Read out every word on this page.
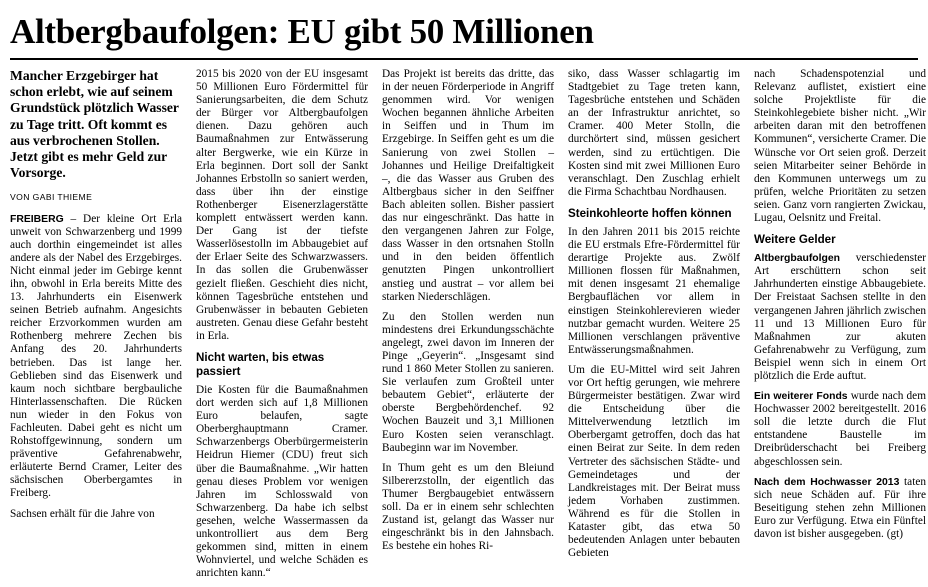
Altbergbaufolgen: EU gibt 50 Millionen

Mancher Erzgebirger hat schon erlebt, wie auf seinem Grundstück plötzlich Wasser zu Tage tritt. Oft kommt es aus verbrochenen Stollen. Jetzt gibt es mehr Geld zur Vorsorge.

VON GABI THIEME

FREIBERG – Der kleine Ort Erla unweit von Schwarzenberg und 1999 auch dorthin eingemeindet ist alles andere als der Nabel des Erzgebirges. Nicht einmal jeder im Gebirge kennt ihn, obwohl in Erla bereits Mitte des 13. Jahrhunderts ein Eisenwerk seinen Betrieb aufnahm. Angesichts reicher Erzvorkommen wurden am Rothenberg mehrere Zechen bis Anfang des 20. Jahrhunderts betrieben. Das ist lange her. Geblieben sind das Eisenwerk und kaum noch sichtbare bergbauliche Hinterlassenschaften. Die Rücken nun wieder in den Fokus von Fachleuten. Dabei geht es nicht um Rohstoffgewinnung, sondern um präventive Gefahrenabwehr, erläuterte Bernd Cramer, Leiter des sächsischen Oberbergamtes in Freiberg.

Sachsen erhält für die Jahre von

2015 bis 2020 von der EU insgesamt 50 Millionen Euro Fördermittel für Sanierungsarbeiten, die dem Schutz der Bürger vor Altbergbaufolgen dienen. Dazu gehören auch Baumaßnahmen zur Entwässerung alter Bergwerke, wie ein Kürze in Erla beginnen. Dort soll der Sankt Johannes Erbstolln so saniert werden, dass über ihn der einstige Rothenberger Eisenerzlagerstätte komplett entwässert werden kann. Der Gang ist der tiefste Wasserlösestolln im Abbaugebiet auf der Erlaer Seite des Schwarzwassers. In das sollen die Grubenwässer gezielt fließen. Geschieht dies nicht, können Tagesbrüche entstehen und Grubenwässer in bebauten Gebieten austreten. Genau diese Gefahr besteht in Erla.

Nicht warten, bis etwas passiert

Die Kosten für die Baumaßnahmen dort werden sich auf 1,8 Millionen Euro belaufen, sagte Oberberghauptmann Cramer. Schwarzenbergs Oberbürgermeisterin Heidrun Hiemer (CDU) freut sich über die Baumaßnahme. „Wir hatten genau dieses Problem vor wenigen Jahren im Schlosswald von Schwarzenberg. Da habe ich selbst gesehen, welche Wassermassen da unkontrolliert aus dem Berg gekommen sind, mitten in einem Wohnviertel, und welche Schäden es anrichten kann.“

Das Projekt ist bereits das dritte, das in der neuen Förderperiode in Angriff genommen wird. Vor wenigen Wochen begannen ähnliche Arbeiten in Seiffen und in Thum im Erzgebirge. In Seiffen geht es um die Sanierung von zwei Stollen – Johannes und Heilige Dreifaltigkeit –, die das Wasser aus Gruben des Altbergbaus sicher in den Seiffner Bach ableiten sollen. Bisher passiert das nur eingeschränkt. Das hatte in den vergangenen Jahren zur Folge, dass Wasser in den ortsnahen Stolln und in den beiden öffentlich genutzten Pingen unkontrolliert anstieg und austrat – vor allem bei starken Niederschlägen.

Zu den Stollen werden nun mindestens drei Erkundungsschächte angelegt, zwei davon im Inneren der Pinge „Geyerin“. „Insgesamt sind rund 1 860 Meter Stollen zu sanieren. Sie verlaufen zum Großteil unter bebautem Gebiet“, erläuterte der oberste Bergbehördenchef. 92 Wochen Bauzeit und 3,1 Millionen Euro Kosten seien veranschlagt. Baubeginn war im November.

In Thum geht es um den Bleiund Silbererzstolln, der eigentlich das Thumer Bergbaugebiet entwässern soll. Da er in einem sehr schlechten Zustand ist, gelangt das Wasser nur eingeschränkt bis in den Jahnsbach. Es bestehe ein hohes Ri-

siko, dass Wasser schlagartig im Stadtgebiet zu Tage treten kann, Tagesbrüche entstehen und Schäden an der Infrastruktur anrichtet, so Cramer. 400 Meter Stolln, die durchörtert sind, müssen gesichert werden, sind zu ertüchtigen. Die Kosten sind mit zwei Millionen Euro veranschlagt. Den Zuschlag erhielt die Firma Schachtbau Nordhausen.

Steinkohleorte hoffen können

In den Jahren 2011 bis 2015 reichte die EU erstmals Efre-Fördermittel für derartige Projekte aus. Zwölf Millionen flossen für Maßnahmen, mit denen insgesamt 21 ehemalige Bergbauflächen vor allem in einstigen Steinkohlerevieren wieder nutzbar gemacht wurden. Weitere 25 Millionen verschlangen präventive Entwässerungsmaßnahmen.

Um die EU-Mittel wird seit Jahren vor Ort heftig gerungen, wie mehrere Bürgermeister bestätigen. Zwar wird die Entscheidung über die Mittelverwendung letztlich im Oberbergamt getroffen, doch das hat einen Beirat zur Seite. In dem reden Vertreter des sächsischen Städte- und Gemeindetages und der Landkreistages mit. Der Beirat muss jedem Vorhaben zustimmen. Während es für die Stollen in Kataster gibt, das etwa 50 bedeutenden Anlagen unter bebauten Gebieten

nach Schadenspotenzial und Relevanz auflistet, existiert eine solche Projektliste für die Steinkohlegebiete bisher nicht. „Wir arbeiten daran mit den betroffenen Kommunen“, versicherte Cramer. Die Wünsche vor Ort seien groß. Derzeit seien Mitarbeiter seiner Behörde in den Kommunen unterwegs um zu prüfen, welche Prioritäten zu setzen seien. Ganz vorn rangierten Zwickau, Lugau, Oelsnitz und Freital.

Weitere Gelder

Altbergbaufolgen verschiedenster Art erschüttern schon seit Jahrhunderten einstige Abbaugebiete. Der Freistaat Sachsen stellte in den vergangenen Jahren jährlich zwischen 11 und 13 Millionen Euro für Maßnahmen zur akuten Gefahrenabwehr zu Verfügung, zum Beispiel wenn sich in einem Ort plötzlich die Erde auftut.

Ein weiterer Fonds wurde nach dem Hochwasser 2002 bereitgestellt. 2016 soll die letzte durch die Flut entstandene Baustelle im Dreibrüderschacht bei Freiberg abgeschlossen sein.

Nach dem Hochwasser 2013 taten sich neue Schäden auf. Für ihre Beseitigung stehen zehn Millionen Euro zur Verfügung. Etwa ein Fünftel davon ist bisher ausgegeben. (gt)
